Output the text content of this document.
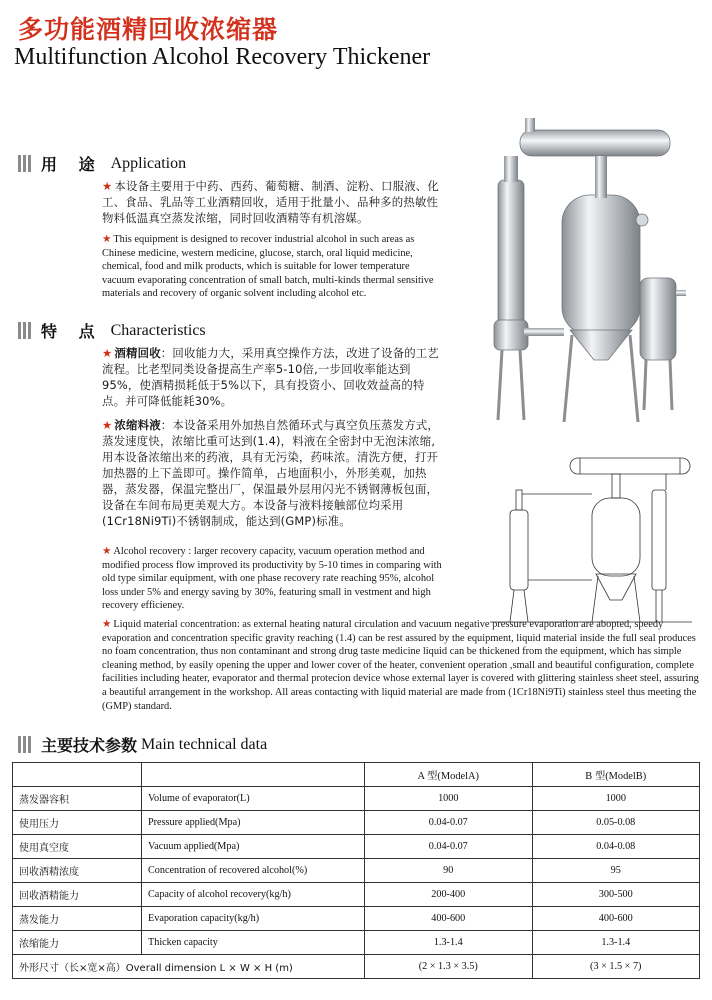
多功能酒精回收浓缩器
Multifunction Alcohol Recovery Thickener
用 途 Application

★ 本设备主要用于中药、西药、葡萄糖、制酒、淀粉、口服液、化工、食品、乳品等工业酒精回收，适用于批量小、品种多的热敏性物料低温真空蒸发浓缩，同时回收酒精等有机溶媒。

★ This equipment is designed to recover industrial alcohol in such areas as Chinese medicine, western medicine, glucose, starch, oral liquid medicine, chemical, food and milk products, which is suitable for lower temperature vacuum evaporating concentration of small batch, multi-kinds thermal sensitive materials and recovery of organic solvent including alcohol etc.

特 点 Characteristics

★ 酒精回收：回收能力大，采用真空操作方法，改进了设备的工艺流程。比老型同类设备提高生产率5-10倍,一步回收率能达到95%，使酒精损耗低于5%以下，具有投资小、回收效益高的特点。并可降低能耗30%。

★ 浓缩料液：本设备采用外加热自然循环式与真空负压蒸发方式，蒸发速度快，浓缩比重可达到(1.4)，料液在全密封中无泡沫浓缩,用本设备浓缩出来的药液，具有无污染，药味浓。清洗方便，打开加热器的上下盖即可。操作简单，占地面积小，外形美观，加热器，蒸发器，保温完整出厂，保温最外层用闪光不锈钢薄板包面，设备在车间布局更美观大方。本设备与液料接触部位均采用(1Cr18Ni9Ti)不锈钢制成，能达到(GMP)标准。

★ Alcohol recovery : larger recovery capacity, vacuum operation method and modified process flow improved its productivity by 5-10 times in comparing with old type similar equipment, with one phase recovery rate reaching 95%, alcohol loss under 5% and energy saving by 30%, featuring small in vestment and high recovery efficieney.

★ Liquid material concentration: as external heating natural circulation and vacuum negative pressure evaporation are abopted, speedy evaporation and concentration specific gravity reaching (1.4) can be rest assured by the equipment, liquid material inside the full seal produces no foam concentration, thus non contaminant and strong drug taste medicine liquid can be thickened from the equipment, which has simple cleaning method, by easily opening the upper and lower cover of the heater, convenient operation ,small and beautiful configuration, complete facilities including heater, evaporator and thermal protecion device whose external layer is covered with glittering stainless sheet steel, assuring a beautiful arrangement in the workshop. All areas contacting with liquid material are made from (1Cr18Ni9Ti) stainless steel thus meeting the (GMP) standard.

主要技术参数 Main technical data
		A 型(ModelA)	B 型(ModelB)
蒸发器容积	Volume of evaporator(L)	1000	1000
使用压力	Pressure applied(Mpa)	0.04-0.07	0.05-0.08
使用真空度	Vacuum applied(Mpa)	0.04-0.07	0.04-0.08
回收酒精浓度	Concentration of recovered alcohol(%)	90	95
回收酒精能力	Capacity of alcohol recovery(kg/h)	200-400	300-500
蒸发能力	Evaporation capacity(kg/h)	400-600	400-600
浓缩能力	Thicken capacity	1.3-1.4	1.3-1.4
外形尺寸（长×宽×高）Overall dimension L × W × H (m)		(2 × 1.3 × 3.5)	(3 × 1.5 × 7)
